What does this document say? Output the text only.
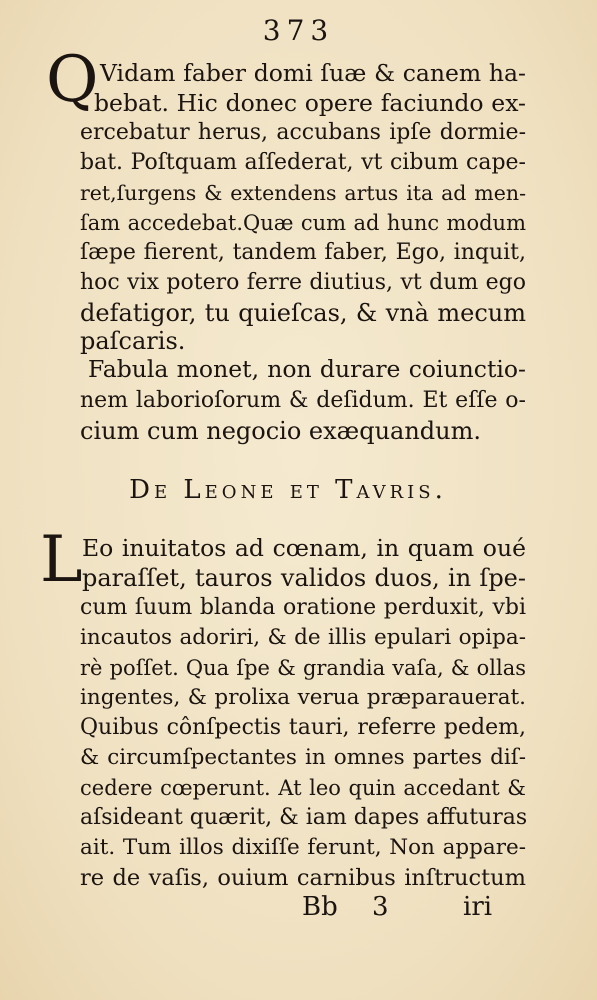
373
Q Vidam faber domi ſuæ & canem ha-
bebat. Hic donec opere faciundo ex-
ercebatur herus, accubans ipſe dormie-
bat. Poſtquam aſſederat, vt cibum cape-
ret,ſurgens & extendens artus ita ad men-
ſam accedebat.Quæ cum ad hunc modum
ſæpe fierent, tandem faber, Ego, inquit,
hoc vix potero ferre diutius, vt dum ego
defatigor, tu quieſcas, & vnà mecum
paſcaris.
Fabula monet, non durare coiunctio-
nem laborioſorum & deſidum. Et eſſe o-
cium cum negocio exæquandum.
De Leone et Tavris.
L Eo inuitatos ad cœnam, in quam oué
paraſſet, tauros validos duos, in ſpe-
cum ſuum blanda oratione perduxit, vbi
incautos adoriri, & de illis epulari opipa-
rè poſſet. Qua ſpe & grandia vaſa, & ollas
ingentes, & prolixa verua præparauerat.
Quibus cônſpectis tauri, referre pedem,
& circumſpectantes in omnes partes diſ-
cedere cœperunt. At leo quin accedant &
aſsideant quærit, & iam dapes affuturas
ait. Tum illos dixiſſe ferunt, Non appare-
re de vaſis, ouium carnibus inſtructum
Bb 3	iri
